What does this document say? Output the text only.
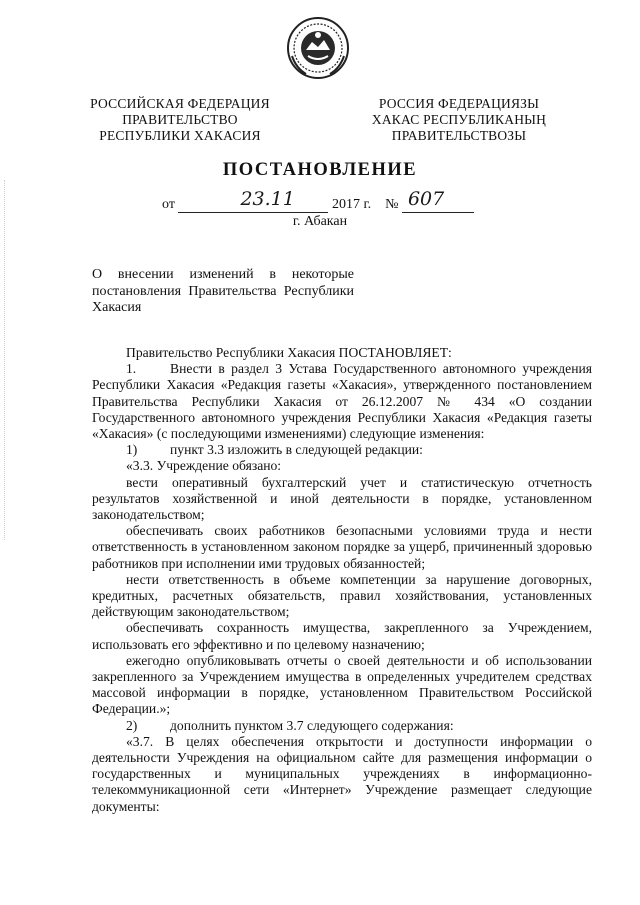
РОССИЙСКАЯ ФЕДЕРАЦИЯ
ПРАВИТЕЛЬСТВО
РЕСПУБЛИКИ ХАКАСИЯ
РОССИЯ ФЕДЕРАЦИЯЗЫ
ХАКАС РЕСПУБЛИКАНЫҢ
ПРАВИТЕЛЬСТВОЗЫ
ПОСТАНОВЛЕНИЕ
от	23.11	2017 г. № 607
г. Абакан
О внесении изменений в некоторые постановления Правительства Республики Хакасия

Правительство Республики Хакасия ПОСТАНОВЛЯЕТ:

1. Внести в раздел 3 Устава Государственного автономного учреждения Республики Хакасия «Редакция газеты «Хакасия», утвержденного постановлением Правительства Республики Хакасия от 26.12.2007 № 434 «О создании Государственного автономного учреждения Республики Хакасия «Редакция газеты «Хакасия» (с последующими изменениями) следующие изменения:

1) пункт 3.3 изложить в следующей редакции:

«3.3. Учреждение обязано:

вести оперативный бухгалтерский учет и статистическую отчетность результатов хозяйственной и иной деятельности в порядке, установленном законодательством;

обеспечивать своих работников безопасными условиями труда и нести ответственность в установленном законом порядке за ущерб, причиненный здоровью работников при исполнении ими трудовых обязанностей;

нести ответственность в объеме компетенции за нарушение договорных, кредитных, расчетных обязательств, правил хозяйствования, установленных действующим законодательством;

обеспечивать сохранность имущества, закрепленного за Учреждением, использовать его эффективно и по целевому назначению;

ежегодно опубликовывать отчеты о своей деятельности и об использовании закрепленного за Учреждением имущества в определенных учредителем средствах массовой информации в порядке, установленном Правительством Российской Федерации.»;

2) дополнить пунктом 3.7 следующего содержания:

«3.7. В целях обеспечения открытости и доступности информации о деятельности Учреждения на официальном сайте для размещения информации о государственных и муниципальных учреждениях в информационно-телекоммуникационной сети «Интернет» Учреждение размещает следующие документы:
